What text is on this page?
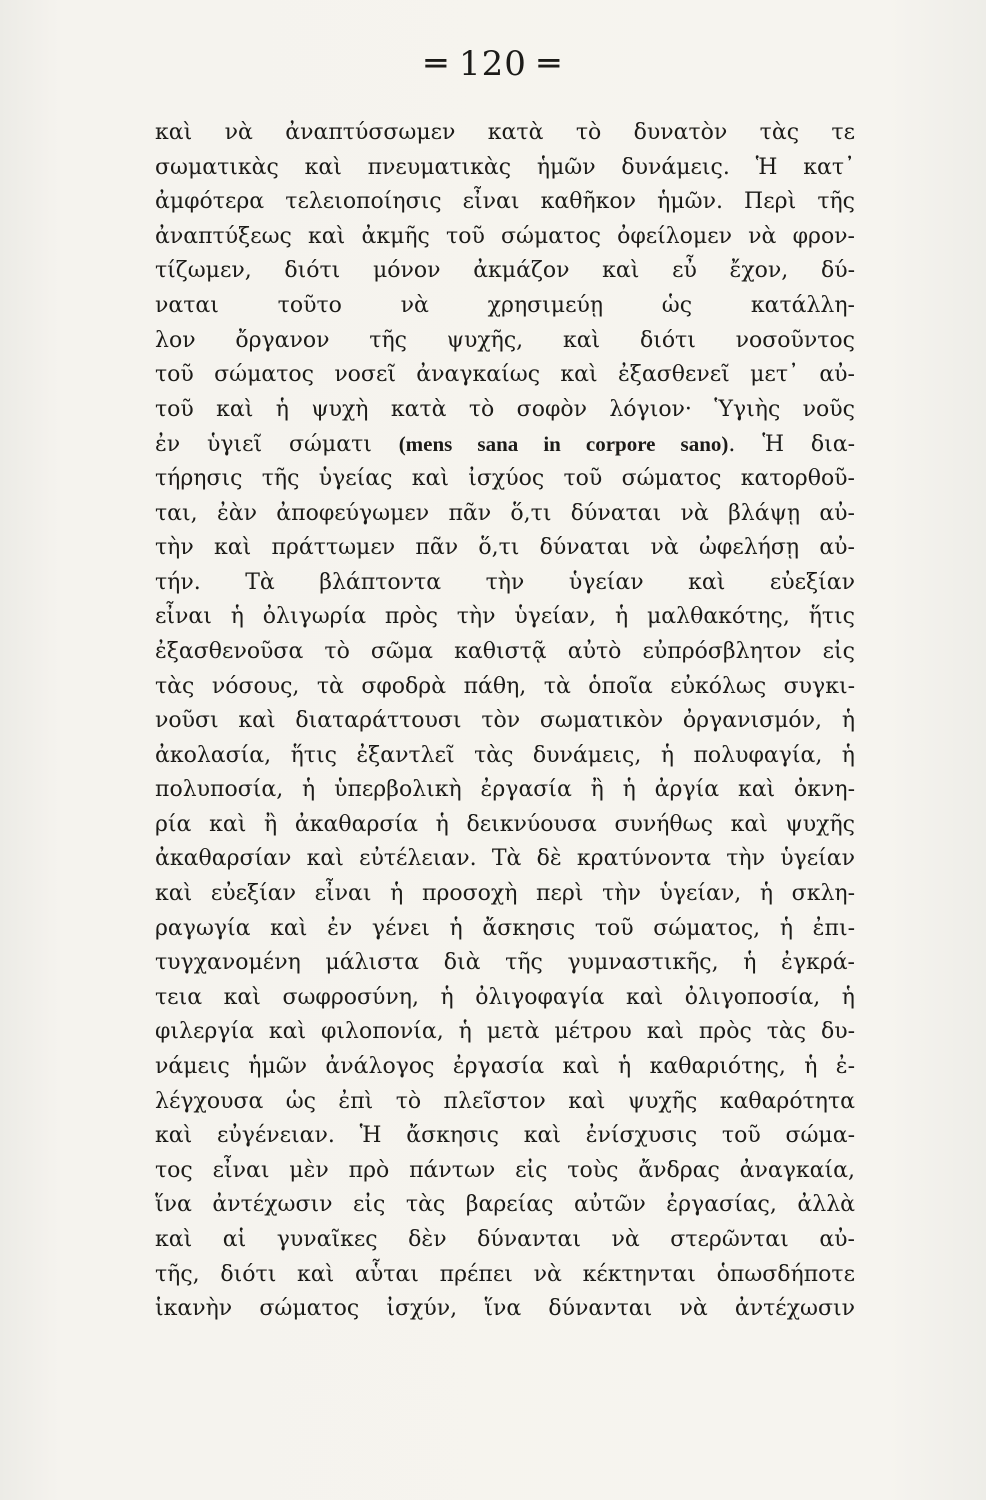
═ 120 ═
καὶ νὰ ἀναπτύσσωμεν κατὰ τὸ δυνατὸν τὰς τε
σωματικὰς καὶ πνευματικὰς ἡμῶν δυνάμεις. Ἡ κατ᾽
ἀμφότερα τελειοποίησις εἶναι καθῆκον ἡμῶν. Περὶ τῆς
ἀναπτύξεως καὶ ἀκμῆς τοῦ σώματος ὀφείλομεν νὰ φρον-
τίζωμεν, διότι μόνον ἀκμάζον καὶ εὖ ἔχον, δύ-
ναται τοῦτο νὰ χρησιμεύῃ ὡς κατάλλη-
λον ὄργανον τῆς ψυχῆς, καὶ διότι νοσοῦντος
τοῦ σώματος νοσεῖ ἀναγκαίως καὶ ἐξασθενεῖ μετ᾽ αὐ-
τοῦ καὶ ἡ ψυχὴ κατὰ τὸ σοφὸν λόγιον· Ὑγιὴς νοῦς
ἐν ὑγιεῖ σώματι (mens sana in corpore sano). Ἡ δια-
τήρησις τῆς ὑγείας καὶ ἰσχύος τοῦ σώματος κατορθοῦ-
ται, ἐὰν ἀποφεύγωμεν πᾶν ὅ,τι δύναται νὰ βλάψῃ αὐ-
τὴν καὶ πράττωμεν πᾶν ὅ,τι δύναται νὰ ὠφελήσῃ αὐ-
τήν. Τὰ βλάπτοντα τὴν ὑγείαν καὶ εὐεξίαν
εἶναι ἡ ὀλιγωρία πρὸς τὴν ὑγείαν, ἡ μαλθακότης, ἥτις
ἐξασθενοῦσα τὸ σῶμα καθιστᾷ αὐτὸ εὐπρόσβλητον εἰς
τὰς νόσους, τὰ σφοδρὰ πάθη, τὰ ὁποῖα εὐκόλως συγκι-
νοῦσι καὶ διαταράττουσι τὸν σωματικὸν ὀργανισμόν, ἡ
ἀκολασία, ἥτις ἐξαντλεῖ τὰς δυνάμεις, ἡ πολυφαγία, ἡ
πολυποσία, ἡ ὑπερβολικὴ ἐργασία ἢ ἡ ἀργία καὶ ὀκνη-
ρία καὶ ἢ ἀκαθαρσία ἡ δεικνύουσα συνήθως καὶ ψυχῆς
ἀκαθαρσίαν καὶ εὐτέλειαν. Τὰ δὲ κρατύνοντα τὴν ὑγείαν
καὶ εὐεξίαν εἶναι ἡ προσοχὴ περὶ τὴν ὑγείαν, ἡ σκλη-
ραγωγία καὶ ἐν γένει ἡ ἄσκησις τοῦ σώματος, ἡ ἐπι-
τυγχανομένη μάλιστα διὰ τῆς γυμναστικῆς, ἡ ἐγκρά-
τεια καὶ σωφροσύνη, ἡ ὀλιγοφαγία καὶ ὀλιγοποσία, ἡ
φιλεργία καὶ φιλοπονία, ἡ μετὰ μέτρου καὶ πρὸς τὰς δυ-
νάμεις ἡμῶν ἀνάλογος ἐργασία καὶ ἡ καθαριότης, ἡ ἐ-
λέγχουσα ὡς ἐπὶ τὸ πλεῖστον καὶ ψυχῆς καθαρότητα
καὶ εὐγένειαν. Ἡ ἄσκησις καὶ ἐνίσχυσις τοῦ σώμα-
τος εἶναι μὲν πρὸ πάντων εἰς τοὺς ἄνδρας ἀναγκαία,
ἵνα ἀντέχωσιν εἰς τὰς βαρείας αὐτῶν ἐργασίας, ἀλλὰ
καὶ αἱ γυναῖκες δὲν δύνανται νὰ στερῶνται αὐ-
τῆς, διότι καὶ αὗται πρέπει νὰ κέκτηνται ὁπωσδήποτε
ἱκανὴν σώματος ἰσχύν, ἵνα δύνανται νὰ ἀντέχωσιν
